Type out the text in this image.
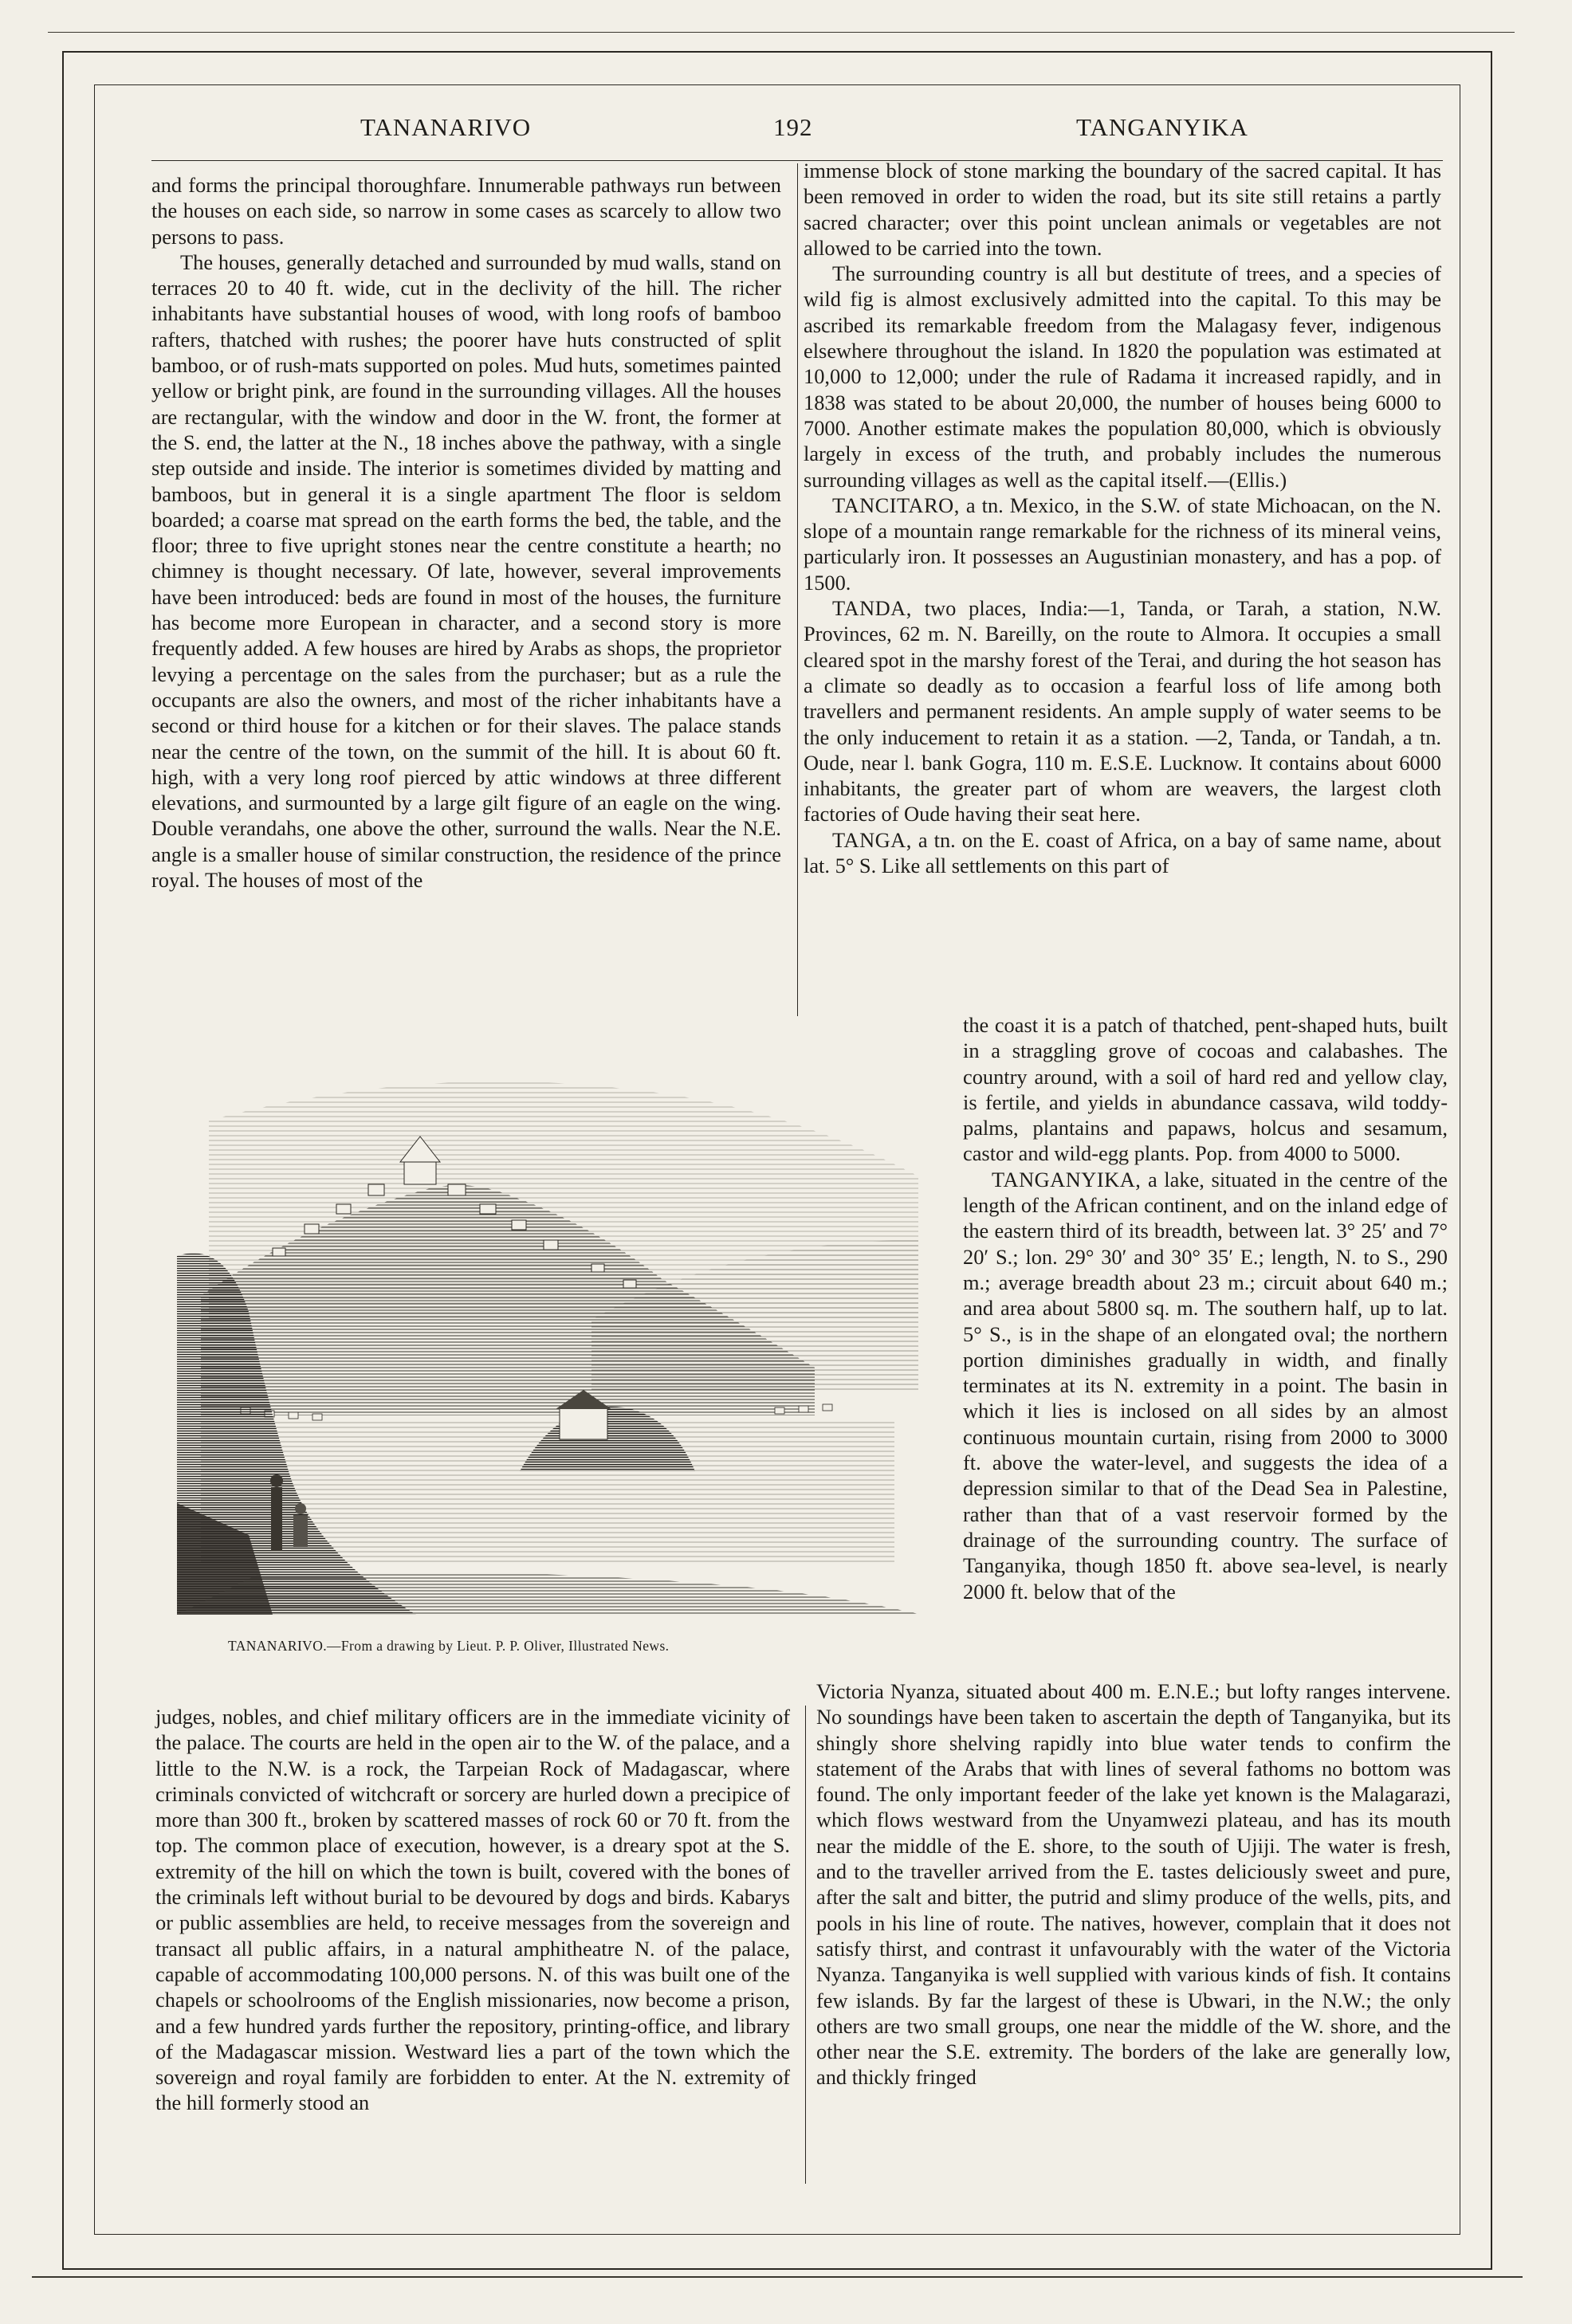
TANANARIVO	192	TANGANYIKA

and forms the principal thoroughfare. Innumerable pathways run between the houses on each side, so narrow in some cases as scarcely to allow two persons to pass.

The houses, generally detached and surrounded by mud walls, stand on terraces 20 to 40 ft. wide, cut in the declivity of the hill. The richer inhabitants have substantial houses of wood, with long roofs of bamboo rafters, thatched with rushes; the poorer have huts constructed of split bamboo, or of rush-mats supported on poles. Mud huts, sometimes painted yellow or bright pink, are found in the surrounding villages. All the houses are rectangular, with the window and door in the W. front, the former at the S. end, the latter at the N., 18 inches above the pathway, with a single step outside and inside. The interior is sometimes divided by matting and bamboos, but in general it is a single apartment The floor is seldom boarded; a coarse mat spread on the earth forms the bed, the table, and the floor; three to five upright stones near the centre constitute a hearth; no chimney is thought necessary. Of late, however, several improvements have been introduced: beds are found in most of the houses, the furniture has become more European in character, and a second story is more frequently added. A few houses are hired by Arabs as shops, the proprietor levying a percentage on the sales from the purchaser; but as a rule the occupants are also the owners, and most of the richer inhabitants have a second or third house for a kitchen or for their slaves. The palace stands near the centre of the town, on the summit of the hill. It is about 60 ft. high, with a very long roof pierced by attic windows at three different elevations, and surmounted by a large gilt figure of an eagle on the wing. Double verandahs, one above the other, surround the walls. Near the N.E. angle is a smaller house of similar construction, the residence of the prince royal. The houses of most of the

immense block of stone marking the boundary of the sacred capital. It has been removed in order to widen the road, but its site still retains a partly sacred character; over this point unclean animals or vegetables are not allowed to be carried into the town.

The surrounding country is all but destitute of trees, and a species of wild fig is almost exclusively admitted into the capital. To this may be ascribed its remarkable freedom from the Malagasy fever, indigenous elsewhere throughout the island. In 1820 the population was estimated at 10,000 to 12,000; under the rule of Radama it increased rapidly, and in 1838 was stated to be about 20,000, the number of houses being 6000 to 7000. Another estimate makes the population 80,000, which is obviously largely in excess of the truth, and probably includes the numerous surrounding villages as well as the capital itself.—(Ellis.)

TANCITARO, a tn. Mexico, in the S.W. of state Michoacan, on the N. slope of a mountain range remarkable for the richness of its mineral veins, particularly iron. It possesses an Augustinian monastery, and has a pop. of 1500.

TANDA, two places, India:—1, Tanda, or Tarah, a station, N.W. Provinces, 62 m. N. Bareilly, on the route to Almora. It occupies a small cleared spot in the marshy forest of the Terai, and during the hot season has a climate so deadly as to occasion a fearful loss of life among both travellers and permanent residents. An ample supply of water seems to be the only inducement to retain it as a station. —2, Tanda, or Tandah, a tn. Oude, near l. bank Gogra, 110 m. E.S.E. Lucknow. It contains about 6000 inhabitants, the greater part of whom are weavers, the largest cloth factories of Oude having their seat here.

TANGA, a tn. on the E. coast of Africa, on a bay of same name, about lat. 5° S. Like all settlements on this part of

the coast it is a patch of thatched, pent-shaped huts, built in a straggling grove of cocoas and calabashes. The country around, with a soil of hard red and yellow clay, is fertile, and yields in abundance cassava, wild toddy-palms, plantains and papaws, holcus and sesamum, castor and wild-egg plants. Pop. from 4000 to 5000.

TANGANYIKA, a lake, situated in the centre of the length of the African continent, and on the inland edge of the eastern third of its breadth, between lat. 3° 25′ and 7° 20′ S.; lon. 29° 30′ and 30° 35′ E.; length, N. to S., 290 m.; average breadth about 23 m.; circuit about 640 m.; and area about 5800 sq. m. The southern half, up to lat. 5° S., is in the shape of an elongated oval; the northern portion diminishes gradually in width, and finally terminates at its N. extremity in a point. The basin in which it lies is inclosed on all sides by an almost continuous mountain curtain, rising from 2000 to 3000 ft. above the water-level, and suggests the idea of a depression similar to that of the Dead Sea in Palestine, rather than that of a vast reservoir formed by the drainage of the surrounding country. The surface of Tanganyika, though 1850 ft. above sea-level, is nearly 2000 ft. below that of the

TANANARIVO.—From a drawing by Lieut. P. P. Oliver, Illustrated News.

judges, nobles, and chief military officers are in the immediate vicinity of the palace. The courts are held in the open air to the W. of the palace, and a little to the N.W. is a rock, the Tarpeian Rock of Madagascar, where criminals convicted of witchcraft or sorcery are hurled down a precipice of more than 300 ft., broken by scattered masses of rock 60 or 70 ft. from the top. The common place of execution, however, is a dreary spot at the S. extremity of the hill on which the town is built, covered with the bones of the criminals left without burial to be devoured by dogs and birds. Kabarys or public assemblies are held, to receive messages from the sovereign and transact all public affairs, in a natural amphitheatre N. of the palace, capable of accommodating 100,000 persons. N. of this was built one of the chapels or schoolrooms of the English missionaries, now become a prison, and a few hundred yards further the repository, printing-office, and library of the Madagascar mission. Westward lies a part of the town which the sovereign and royal family are forbidden to enter. At the N. extremity of the hill formerly stood an

Victoria Nyanza, situated about 400 m. E.N.E.; but lofty ranges intervene. No soundings have been taken to ascertain the depth of Tanganyika, but its shingly shore shelving rapidly into blue water tends to confirm the statement of the Arabs that with lines of several fathoms no bottom was found. The only important feeder of the lake yet known is the Malagarazi, which flows westward from the Unyamwezi plateau, and has its mouth near the middle of the E. shore, to the south of Ujiji. The water is fresh, and to the traveller arrived from the E. tastes deliciously sweet and pure, after the salt and bitter, the putrid and slimy produce of the wells, pits, and pools in his line of route. The natives, however, complain that it does not satisfy thirst, and contrast it unfavourably with the water of the Victoria Nyanza. Tanganyika is well supplied with various kinds of fish. It contains few islands. By far the largest of these is Ubwari, in the N.W.; the only others are two small groups, one near the middle of the W. shore, and the other near the S.E. extremity. The borders of the lake are generally low, and thickly fringed
